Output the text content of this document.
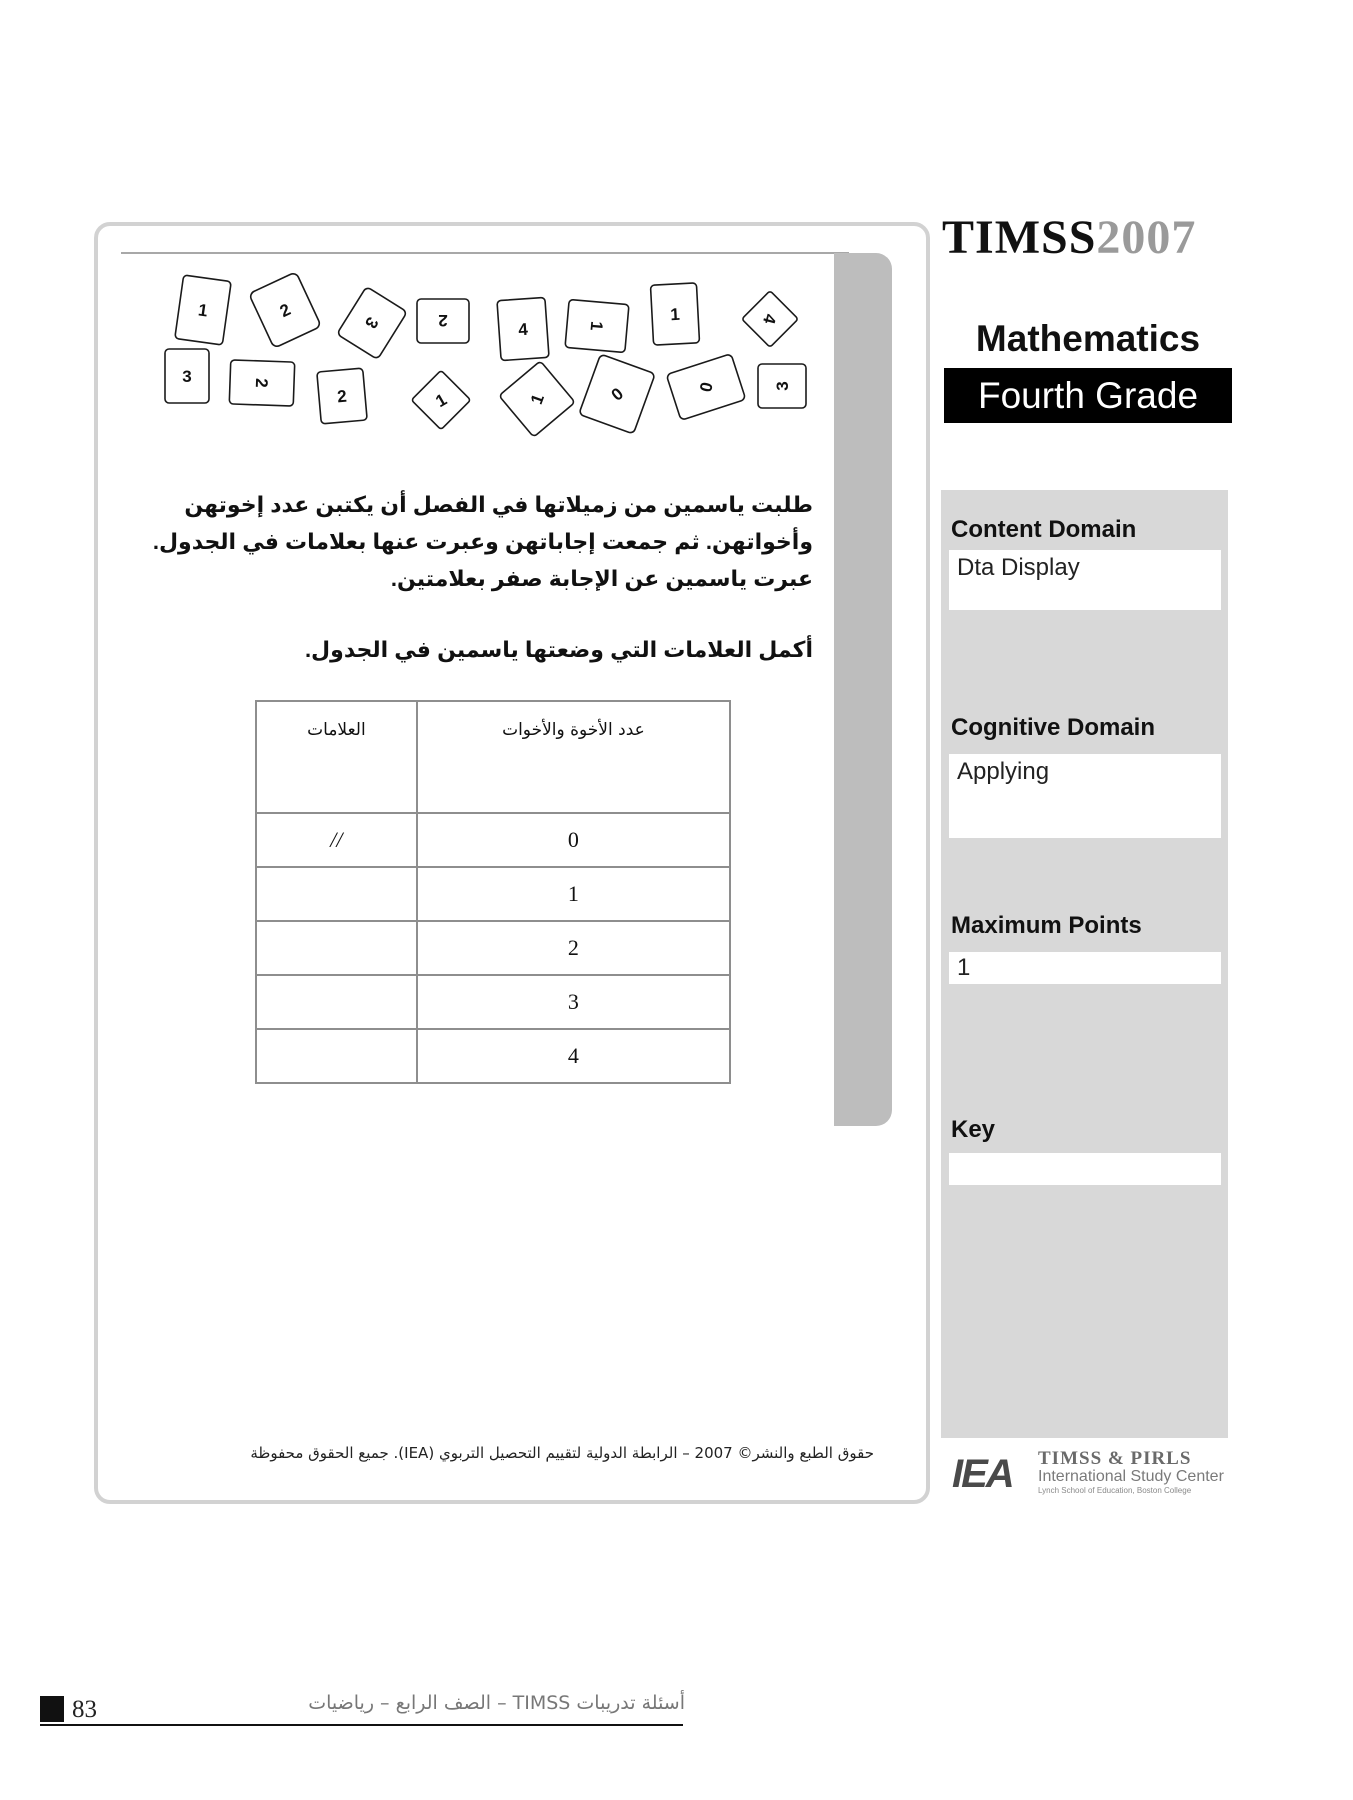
1	2
3	2	4	1
1	4
3	2
2	1	1	0	0	3

طلبت ياسمين من زميلاتها في الفصل أن يكتبن عدد إخوتهن وأخواتهن. ثم جمعت إجاباتهن وعبرت عنها بعلامات في الجدول. عبرت ياسمين عن الإجابة صفر بعلامتين.

أكمل العلامات التي وضعتها ياسمين في الجدول.

العلامات	عدد الأخوة والأخوات
//	0
	1
	2
	3
	4
حقوق الطبع والنشر© 2007 – الرابطة الدولية لتقييم التحصيل التربوي (IEA). جميع الحقوق محفوظة
TIMSS2007
Mathematics
Fourth Grade
Content Domain
Dta Display
Cognitive Domain
Applying
Maximum Points
1
Key
IEA TIMSS & PIRLS
International Study Center
Lynch School of Education, Boston College
83	أسئلة تدريبات TIMSS – الصف الرابع – رياضيات
